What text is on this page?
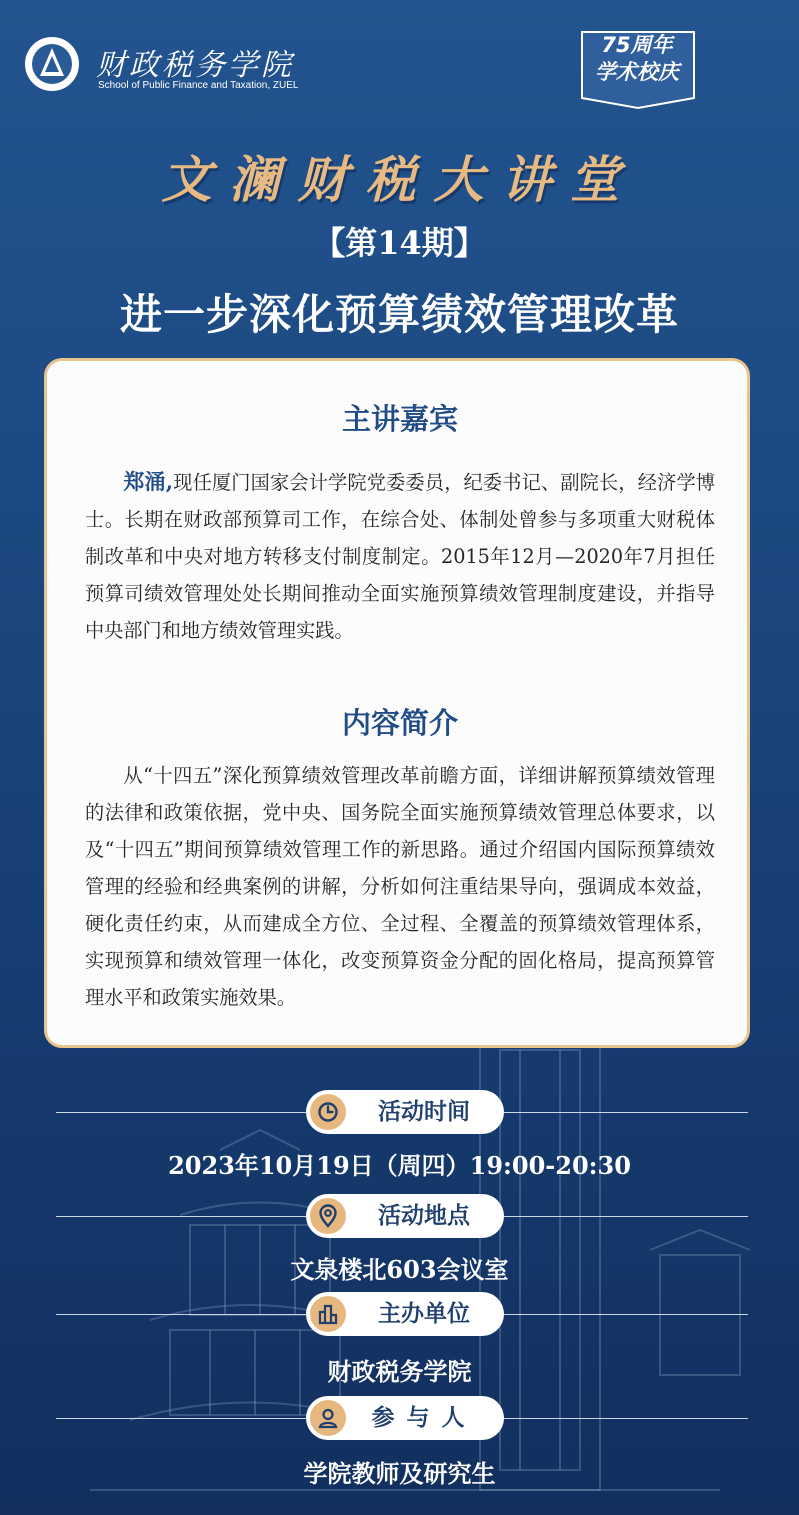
财政税务学院
School of Public Finance and Taxation, ZUEL
75周年
学术校庆
文澜财税大讲堂
【第14期】
进一步深化预算绩效管理改革
主讲嘉宾

郑涌,现任厦门国家会计学院党委委员，纪委书记、副院长，经济学博士。长期在财政部预算司工作，在综合处、体制处曾参与多项重大财税体制改革和中央对地方转移支付制度制定。2015年12月—2020年7月担任预算司绩效管理处处长期间推动全面实施预算绩效管理制度建设，并指导中央部门和地方绩效管理实践。

内容简介

从“十四五”深化预算绩效管理改革前瞻方面，详细讲解预算绩效管理的法律和政策依据，党中央、国务院全面实施预算绩效管理总体要求，以及“十四五”期间预算绩效管理工作的新思路。通过介绍国内国际预算绩效管理的经验和经典案例的讲解，分析如何注重结果导向，强调成本效益，硬化责任约束，从而建成全方位、全过程、全覆盖的预算绩效管理体系，实现预算和绩效管理一体化，改变预算资金分配的固化格局，提高预算管理水平和政策实施效果。

活动时间
2023年10月19日（周四）19:00-20:30
活动地点
文泉楼北603会议室
主办单位
财政税务学院
参与人
学院教师及研究生
